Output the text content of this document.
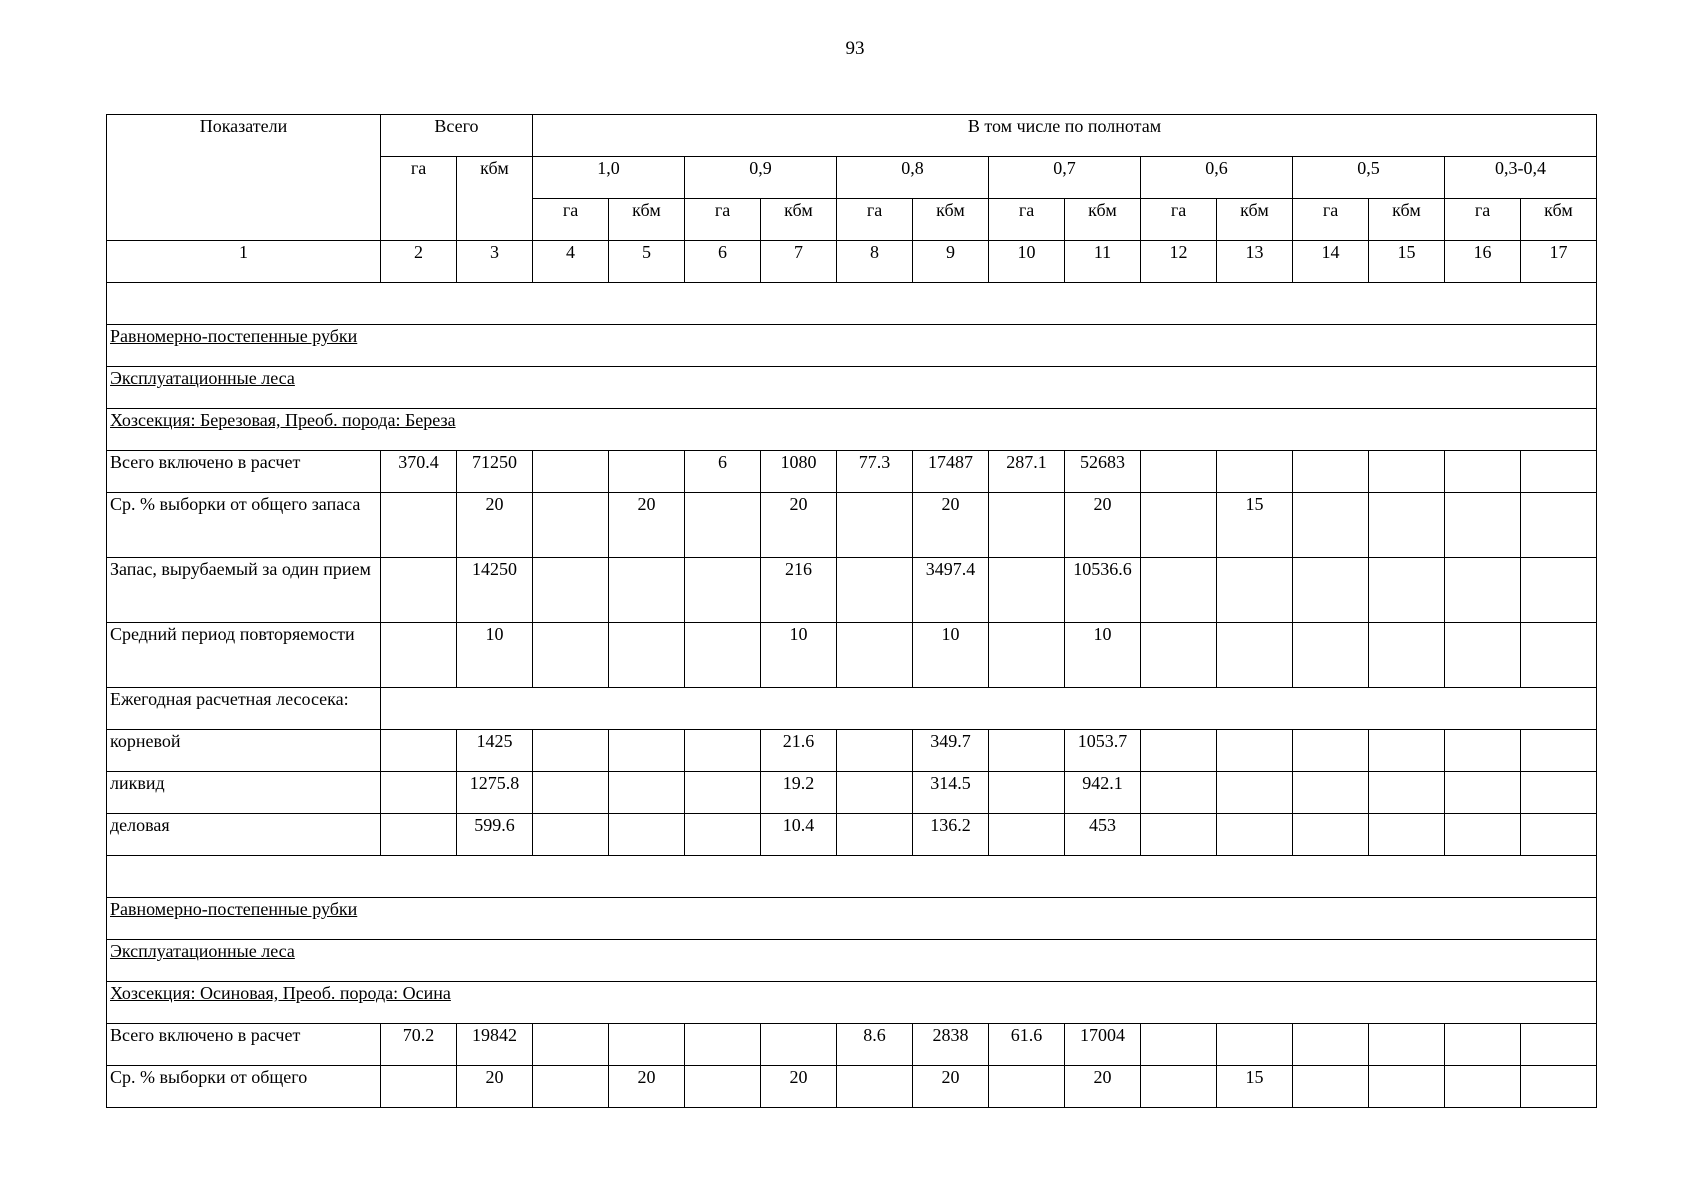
93
Показатели	Всего		В том числе по полнотам													
	га	кбм	1,0		0,9		0,8		0,7		0,6		0,5		0,3-0,4	
			га	кбм	га	кбм	га	кбм	га	кбм	га	кбм	га	кбм	га	кбм
1	2	3	4	5	6	7	8	9	10	11	12	13	14	15	16	17

Равномерно-постепенные рубки																
Эксплуатационные леса																
Хозсекция: Березовая, Преоб. порода: Береза																
Всего включено в расчет	370.4	71250			6	1080	77.3	17487	287.1	52683						
Ср. % выборки от общего запаса		20		20		20		20		20		15				
Запас, вырубаемый за один прием		14250				216		3497.4		10536.6						
Средний период повторяемости		10				10		10		10						
Ежегодная расчетная лесосека:																
корневой		1425				21.6		349.7		1053.7						
ликвид		1275.8				19.2		314.5		942.1						
деловая		599.6				10.4		136.2		453						

Равномерно-постепенные рубки																
Эксплуатационные леса																
Хозсекция: Осиновая, Преоб. порода: Осина																
Всего включено в расчет	70.2	19842					8.6	2838	61.6	17004						
Ср. % выборки от общего		20		20		20		20		20		15				
